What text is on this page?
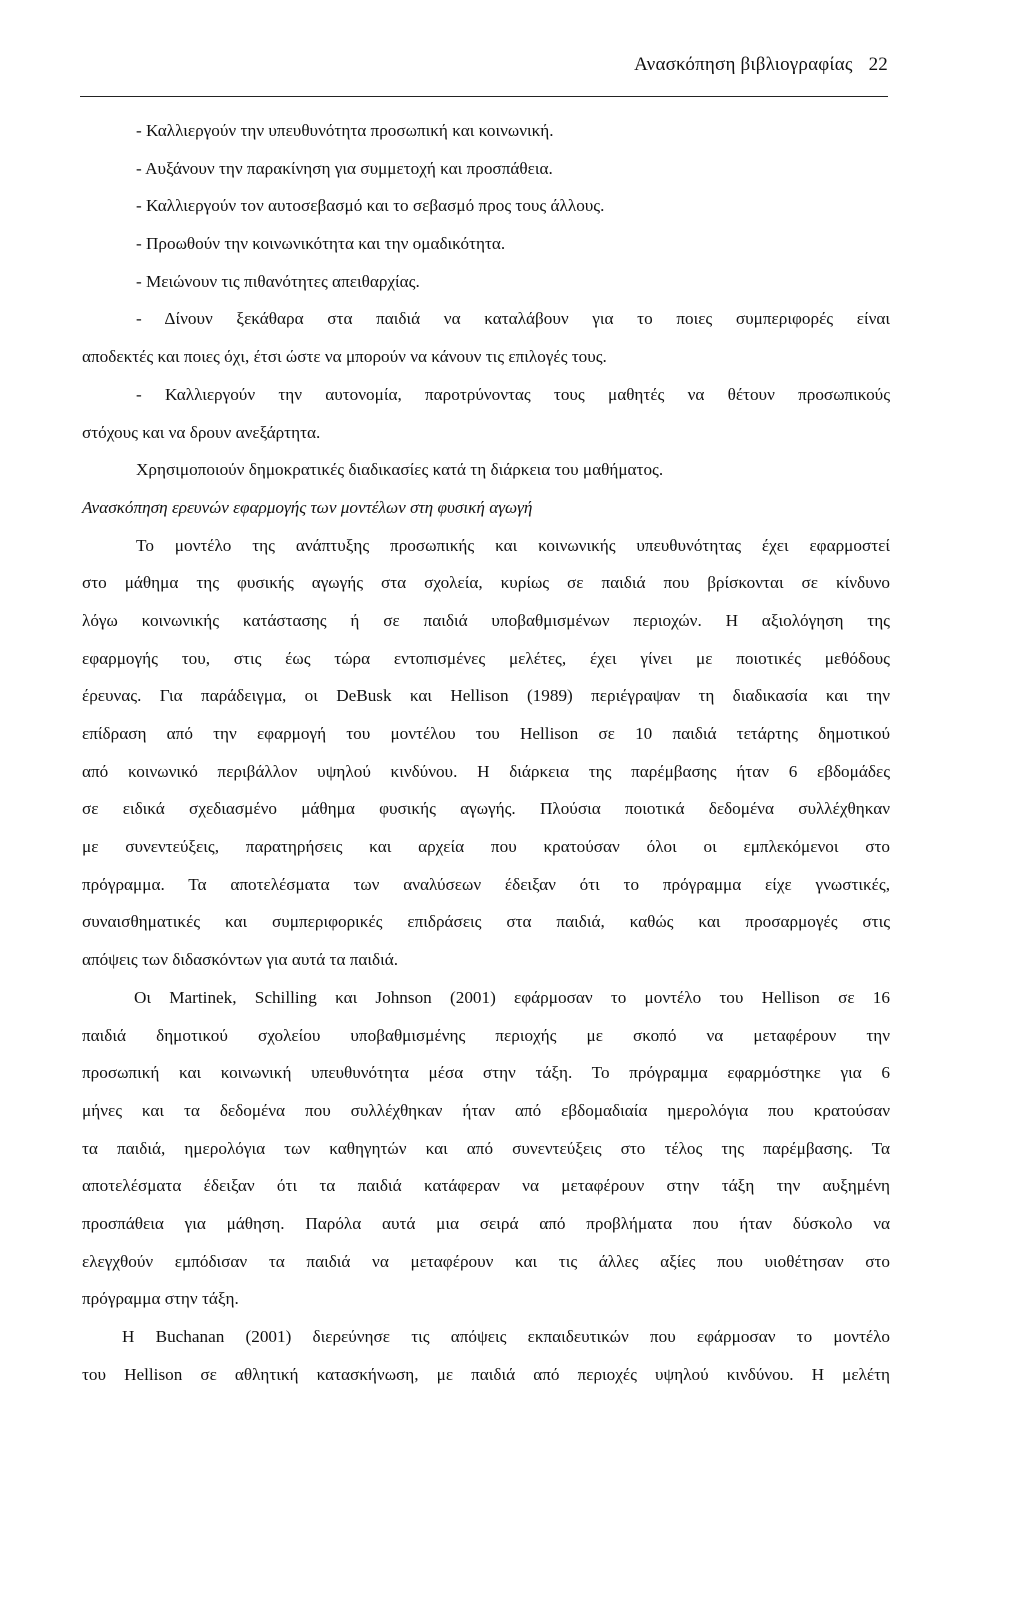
Ανασκόπηση βιβλιογραφίας 22

- Καλλιεργούν την υπευθυνότητα προσωπική και κοινωνική.

- Αυξάνουν την παρακίνηση για συμμετοχή και προσπάθεια.

- Καλλιεργούν τον αυτοσεβασμό και το σεβασμό προς τους άλλους.

- Προωθούν την κοινωνικότητα και την ομαδικότητα.

- Μειώνουν τις πιθανότητες απειθαρχίας.

- Δίνουν ξεκάθαρα στα παιδιά να καταλάβουν για το ποιες συμπεριφορές είναι

αποδεκτές και ποιες όχι, έτσι ώστε να μπορούν να κάνουν τις επιλογές τους.

- Καλλιεργούν την αυτονομία, παροτρύνοντας τους μαθητές να θέτουν προσωπικούς

στόχους και να δρουν ανεξάρτητα.

Χρησιμοποιούν δημοκρατικές διαδικασίες κατά τη διάρκεια του μαθήματος.

Ανασκόπηση ερευνών εφαρμογής των μοντέλων στη φυσική αγωγή

Το μοντέλο της ανάπτυξης προσωπικής και κοινωνικής υπευθυνότητας έχει εφαρμοστεί

στο μάθημα της φυσικής αγωγής στα σχολεία, κυρίως σε παιδιά που βρίσκονται σε κίνδυνο

λόγω κοινωνικής κατάστασης ή σε παιδιά υποβαθμισμένων περιοχών. Η αξιολόγηση της

εφαρμογής του, στις έως τώρα εντοπισμένες μελέτες, έχει γίνει με ποιοτικές μεθόδους

έρευνας. Για παράδειγμα, οι DeBusk και Hellison (1989) περιέγραψαν τη διαδικασία και την

επίδραση από την εφαρμογή του μοντέλου του Hellison σε 10 παιδιά τετάρτης δημοτικού

από κοινωνικό περιβάλλον υψηλού κινδύνου. Η διάρκεια της παρέμβασης ήταν 6 εβδομάδες

σε ειδικά σχεδιασμένο μάθημα φυσικής αγωγής. Πλούσια ποιοτικά δεδομένα συλλέχθηκαν

με συνεντεύξεις, παρατηρήσεις και αρχεία που κρατούσαν όλοι οι εμπλεκόμενοι στο

πρόγραμμα. Τα αποτελέσματα των αναλύσεων έδειξαν ότι το πρόγραμμα είχε γνωστικές,

συναισθηματικές και συμπεριφορικές επιδράσεις στα παιδιά, καθώς και προσαρμογές στις

απόψεις των διδασκόντων για αυτά τα παιδιά.

Οι Martinek, Schilling και Johnson (2001) εφάρμοσαν το μοντέλο του Hellison σε 16

παιδιά δημοτικού σχολείου υποβαθμισμένης περιοχής με σκοπό να μεταφέρουν την

προσωπική και κοινωνική υπευθυνότητα μέσα στην τάξη. Το πρόγραμμα εφαρμόστηκε για 6

μήνες και τα δεδομένα που συλλέχθηκαν ήταν από εβδομαδιαία ημερολόγια που κρατούσαν

τα παιδιά, ημερολόγια των καθηγητών και από συνεντεύξεις στο τέλος της παρέμβασης. Τα

αποτελέσματα έδειξαν ότι τα παιδιά κατάφεραν να μεταφέρουν στην τάξη την αυξημένη

προσπάθεια για μάθηση. Παρόλα αυτά μια σειρά από προβλήματα που ήταν δύσκολο να

ελεγχθούν εμπόδισαν τα παιδιά να μεταφέρουν και τις άλλες αξίες που υιοθέτησαν στο

πρόγραμμα στην τάξη.

Η Buchanan (2001) διερεύνησε τις απόψεις εκπαιδευτικών που εφάρμοσαν το μοντέλο

του Hellison σε αθλητική κατασκήνωση, με παιδιά από περιοχές υψηλού κινδύνου. Η μελέτη
